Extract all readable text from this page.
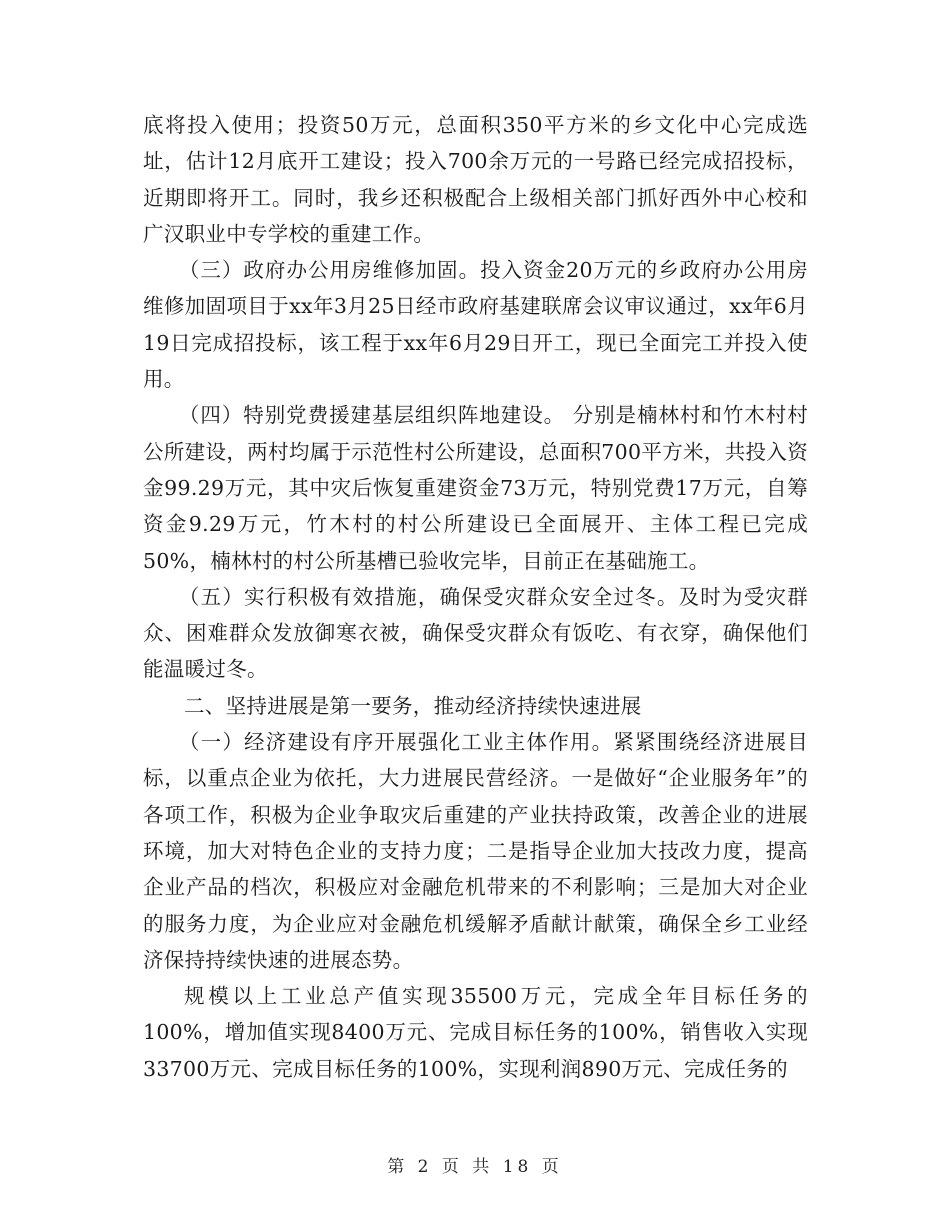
底将投入使用；投资50万元，总面积350平方米的乡文化中心完成选址，估计12月底开工建设；投入700余万元的一号路已经完成招投标，近期即将开工。同时，我乡还积极配合上级相关部门抓好西外中心校和广汉职业中专学校的重建工作。

（三）政府办公用房维修加固。投入资金20万元的乡政府办公用房维修加固项目于xx年3月25日经市政府基建联席会议审议通过，xx年6月19日完成招投标，该工程于xx年6月29日开工，现已全面完工并投入使用。

（四）特别党费援建基层组织阵地建设。 分别是楠林村和竹木村村公所建设，两村均属于示范性村公所建设，总面积700平方米，共投入资金99.29万元，其中灾后恢复重建资金73万元，特别党费17万元，自筹资金9.29万元，竹木村的村公所建设已全面展开、主体工程已完成50%，楠林村的村公所基槽已验收完毕，目前正在基础施工。

（五）实行积极有效措施，确保受灾群众安全过冬。及时为受灾群众、困难群众发放御寒衣被，确保受灾群众有饭吃、有衣穿，确保他们能温暖过冬。

二、坚持进展是第一要务，推动经济持续快速进展

（一）经济建设有序开展强化工业主体作用。紧紧围绕经济进展目标，以重点企业为依托，大力进展民营经济。一是做好“企业服务年”的各项工作，积极为企业争取灾后重建的产业扶持政策，改善企业的进展环境，加大对特色企业的支持力度；二是指导企业加大技改力度，提高企业产品的档次，积极应对金融危机带来的不利影响；三是加大对企业的服务力度，为企业应对金融危机缓解矛盾献计献策，确保全乡工业经济保持持续快速的进展态势。

规模以上工业总产值实现35500万元，完成全年目标任务的100%，增加值实现8400万元、完成目标任务的100%，销售收入实现33700万元、完成目标任务的100%，实现利润890万元、完成任务的

第 2 页 共 18 页
